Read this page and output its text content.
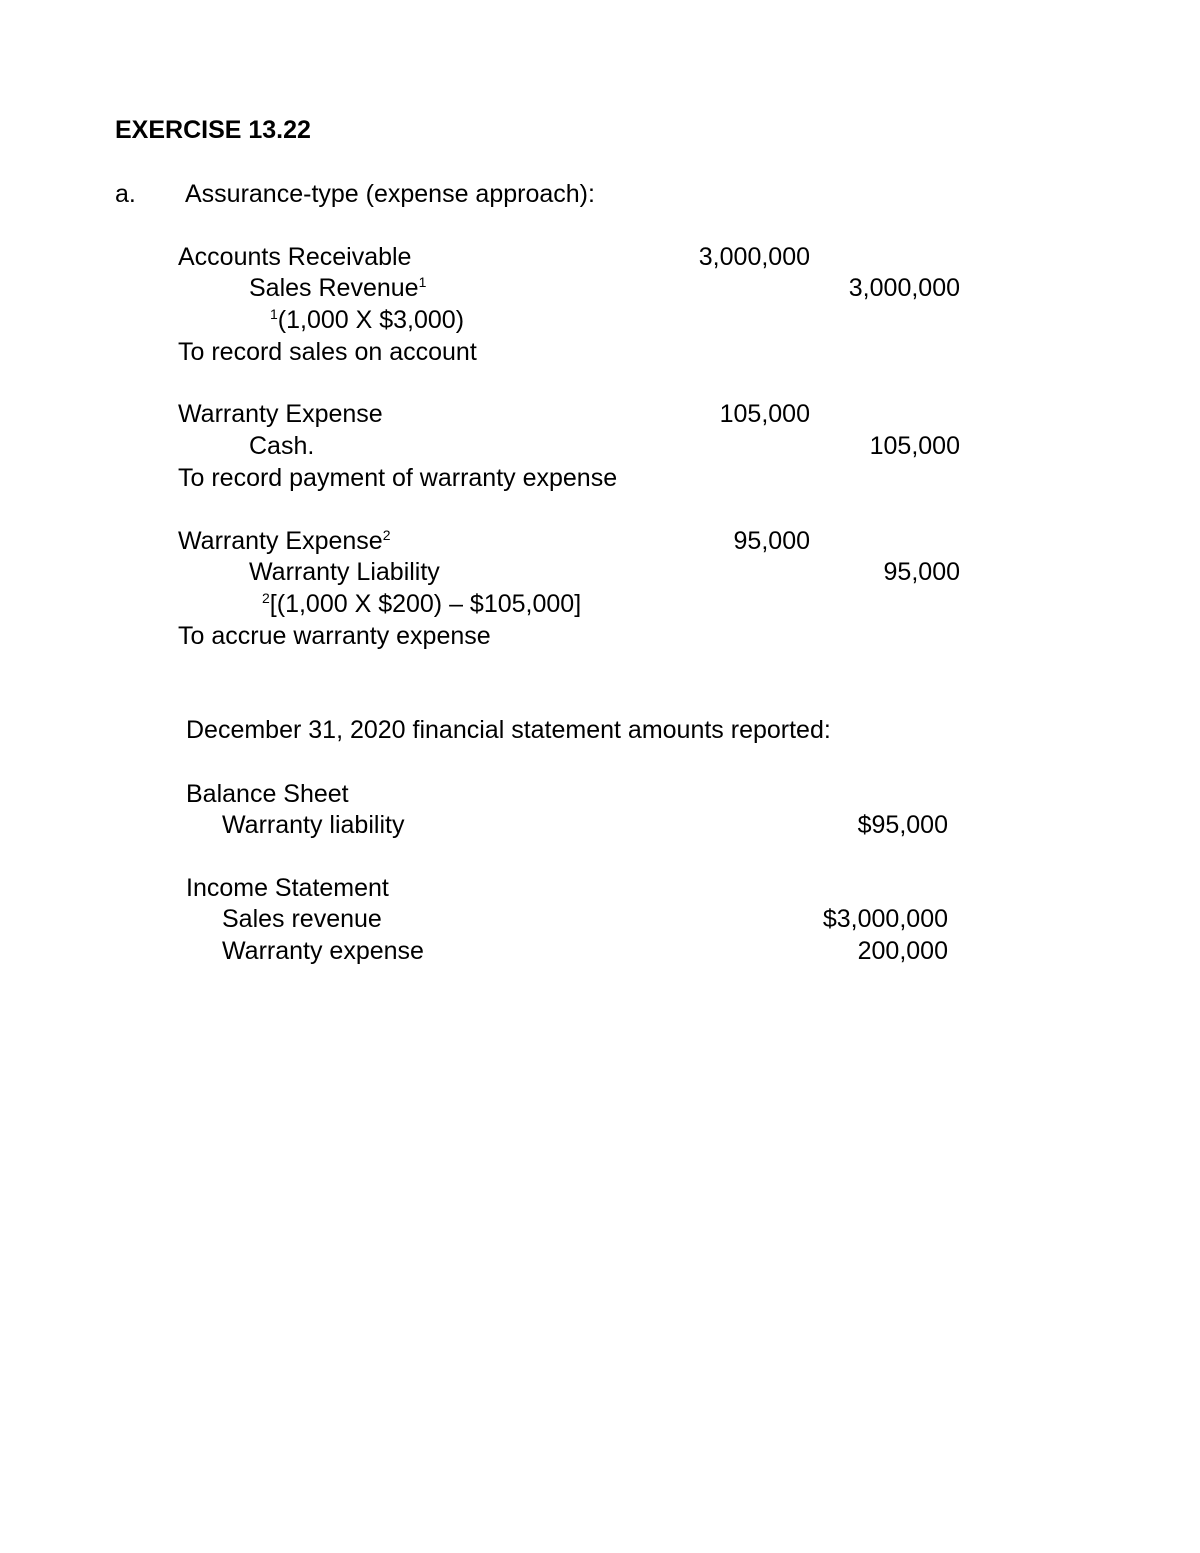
EXERCISE 13.22
a. Assurance-type (expense approach):
Accounts Receivable	3,000,000
Sales Revenue$^1$	3,000,000
$^1$(1,000 X $3,000)
To record sales on account
Warranty Expense	105,000
Cash.	105,000
To record payment of warranty expense
Warranty Expense$^2$	95,000
Warranty Liability	95,000
$^2$[(1,000 X $200) – $105,000]
To accrue warranty expense
December 31, 2020 financial statement amounts reported:
Balance Sheet
Warranty liability	$95,000
Income Statement
Sales revenue	$3,000,000
Warranty expense	200,000
